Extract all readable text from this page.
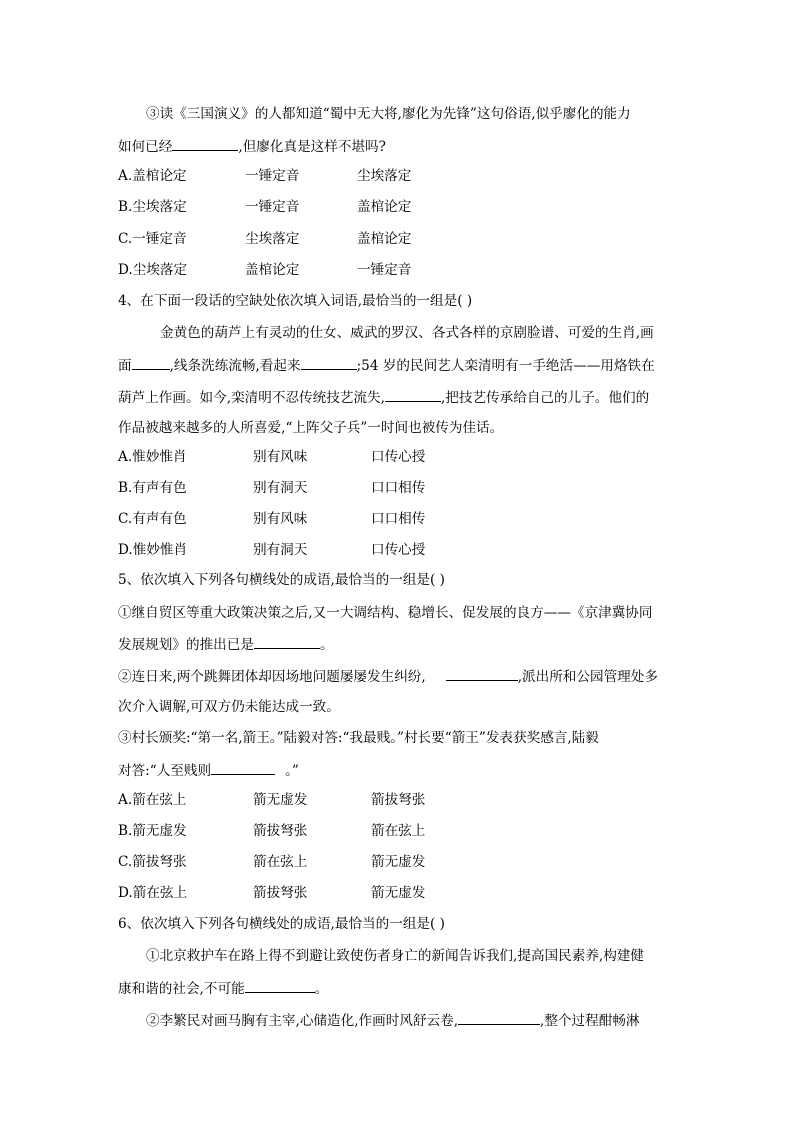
③读《三国演义》的人都知道“蜀中无大将,廖化为先锋”这句俗语,似乎廖化的能力
如何已经	,但廖化真是这样不堪吗?
A.盖棺论定	一锤定音	尘埃落定
B.尘埃落定	一锤定音	盖棺论定
C.一锤定音	尘埃落定	盖棺论定
D.尘埃落定	盖棺论定	一锤定音
4、在下面一段话的空缺处依次填入词语,最恰当的一组是( )
金黄色的葫芦上有灵动的仕女、威武的罗汉、各式各样的京剧脸谱、可爱的生肖,画
面	,线条洗练流畅,看起来	;54 岁的民间艺人栾清明有一手绝活——用烙铁在
葫芦上作画。如今,栾清明不忍传统技艺流失,	,把技艺传承给自己的儿子。他们的
作品被越来越多的人所喜爱,“上阵父子兵”一时间也被传为佳话。
A.惟妙惟肖	别有风味	口传心授
B.有声有色	别有洞天	口口相传
C.有声有色	别有风味	口口相传
D.惟妙惟肖	别有洞天	口传心授
5、依次填入下列各句横线处的成语,最恰当的一组是( )
①继自贸区等重大政策决策之后,又一大调结构、稳增长、促发展的良方——《京津冀协同
发展规划》的推出已是	。
②连日来,两个跳舞团体却因场地问题屡屡发生纠纷,	,派出所和公园管理处多
次介入调解,可双方仍未能达成一致。
③村长颁奖:“第一名,箭王。”陆毅对答:“我最贱。”村长要“箭王”发表获奖感言,陆毅
对答:“人至贱则	。”
A.箭在弦上	箭无虚发	箭拔弩张
B.箭无虚发	箭拔弩张	箭在弦上
C.箭拔弩张	箭在弦上	箭无虚发
D.箭在弦上	箭拔弩张	箭无虚发
6、依次填入下列各句横线处的成语,最恰当的一组是( )
①北京救护车在路上得不到避让致使伤者身亡的新闻告诉我们,提高国民素养,构建健
康和谐的社会,不可能	。
②李繁民对画马胸有主宰,心储造化,作画时风舒云卷,	,整个过程酣畅淋
